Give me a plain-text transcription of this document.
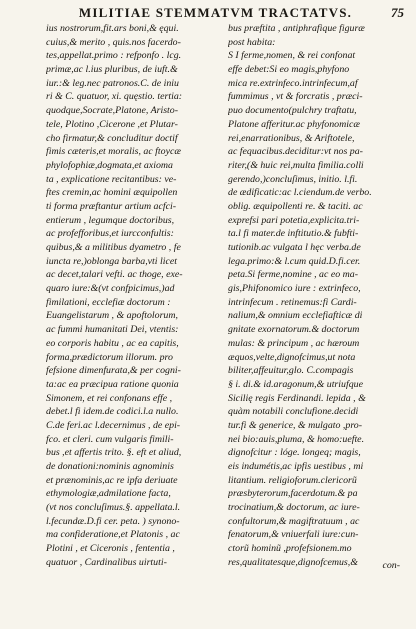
MILITIAE STEMMATVM TRACTATVS.	75
ius nostrorum,fit.ars boni,& ęqui.
cuius,& merito , quis.nos facerdo-
tes,appellat.primo : refponfo . lcg.
primæ,ac l.ius pluribus, de iuft.&
iur.:& leg.nec patronos.C. de iniu
ri & C. quatuor, xi. quęstio. tertia:
quodque,Socrate,Platone, Aristo-
tele, Plotino ,Cicerone ,et Plutar-
cho firmatur,& concluditur doctif
fimis cæteris,et moralis, ac ftoycæ
phylofophiæ,dogmata,et axioma
ta , explicatione recitantibus: ve-
ftes cremin,ac homini æquipollen
ti forma præftantur artium acfci-
entierum , legumque doctoribus,
ac profefforibus,et iurcconfultis:
quibus,& a militibus dyametro , fe
iuncta re,)oblonga barba,vti licet
ac decet,talari vefti. ac thoge, exe-
quaro iure:&(vt confpicimus,)ad
fimilationi, ecclefiæ doctorum :
Euangelistarum , & apoftolorum,
ac fummi humanitati Dei, vtentis:
eo corporis habitu , ac ea capitis,
forma,prædictorum illorum. pro
fefsione dimenfurata,& per cogni-
ta:ac ea præcipua ratione quonia
Simonem, et rei confonans effe ,
debet.l fi idem.de codici.l.a nullo.
C.de feri.ac l.decernimus , de epi-
fco. et cleri. cum vulgaris fimili-
bus ,et affertis trito. §. eft et aliud,
de donationi:nominis agnominis
et prænominis,ac re ipfa deriuate
ethymologiæ,admilatione facta,
(vt nos concluſimus.§. appellata.l.
l.fecundæ.D.fi cer. peta. ) synono-
ma confideratione,et Platonis , ac
Plotini , et Ciceronis , fententia ,
quatuor , Cardinalibus uirtuti-
bus præftita , antiphrafique figuræ
post habita:
S I ferme,nomen, & rei confonat
effe debet:Si eo magis,phyfono
mica re.extrinfeco.intrinfecum,af
fummimus , vt & forcratis , præci-
puo documento(pulchry traftatu,
Platone afferitur.ac phyfonomicæ
rei,enarrationibus, & Ariftotele,
ac fequacibus.deciditur:vt nos pa-
riter,(& huic rei,multa fimilia.colli
gerendo,)concluſimus, initio. l.fi.
de ædificatic:ac l.ciendum.de verbo.
oblig. æquipollenti re. & taciti. ac
exprefsi pari potetia,explicita.tri-
ta.l fi mater.de inftitutio.& fubfti-
tutionib.ac vulgata l hęc verba.de
lega.primo:& l.cum quid.D.fi.cer.
peta.Si ferme,nomine , ac eo ma-
gis,Phifonomico iure : extrinfeco,
intrinfecum . retinemus:fi Cardi-
nalium,& omnium ecclefiafticæ di
gnitate exornatorum.& doctorum
mulas: & principum , ac hæroum
æquos,velte,dignofcimus,ut nota
biliter,affeuitur,glo. C.compagis
§ i. di.& id.aragonum,& utriufque
Sicilię regis Ferdinandi. lepida , &
quàm notabili conclufione.decidi
tur.fi & generice, & mulgato ,pro-
nei bio:auis,pluma, & homo:uefte.
dignofcitur : lóge. longeq; magis,
eis indumétis,ac ipfis uestibus , mi
litantium. religioforum.clericorũ
præsbyterorum,facerdotum.& pa
trocinatium,& doctorum, ac iure-
confultorum,& magiftratuum , ac
fenatorum,& vniuerfali iure:cun-
ctorũ hominũ ,profefsionem.mo
res,qualitatesque,dignofcemus,&	con-
